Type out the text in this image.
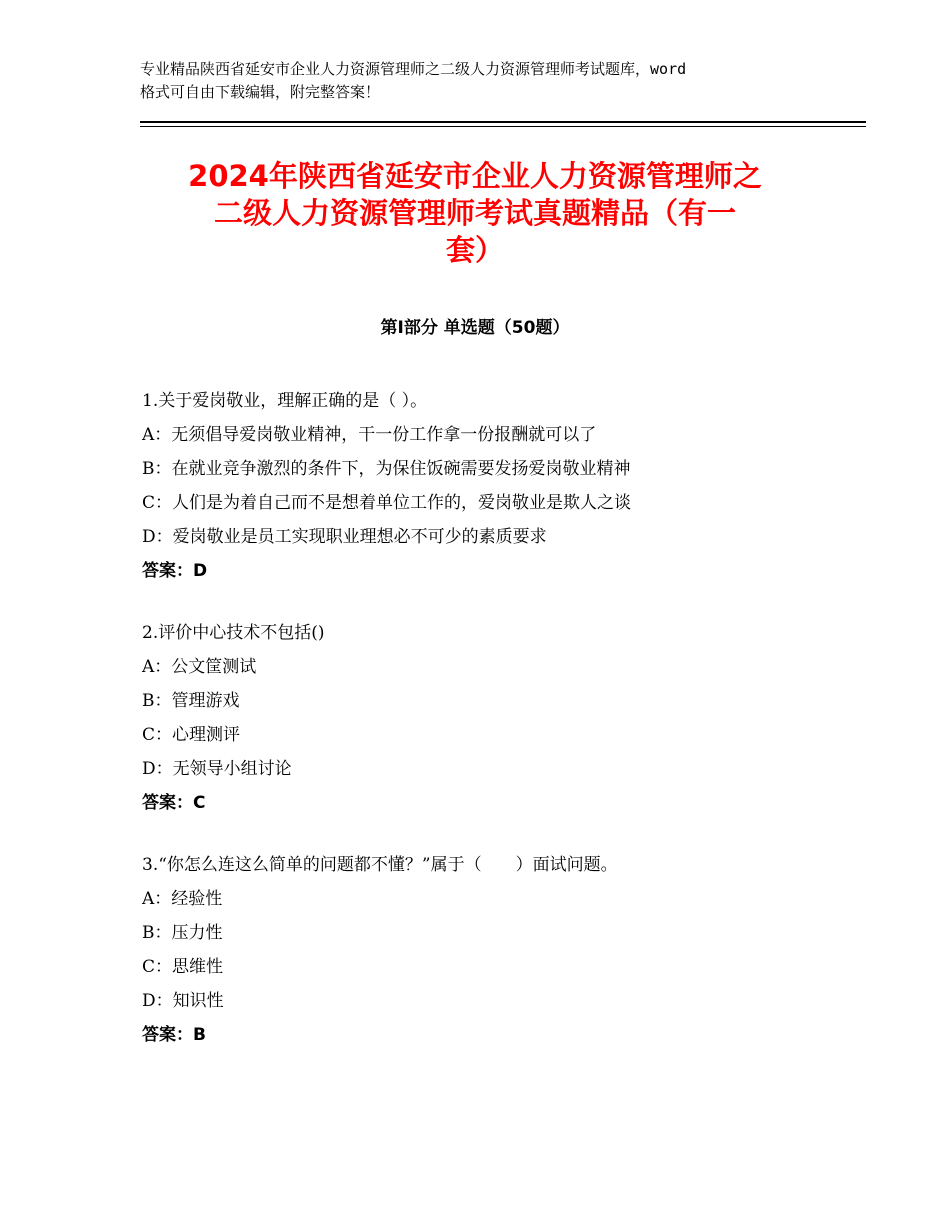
专业精品陕西省延安市企业人力资源管理师之二级人力资源管理师考试题库，word
格式可自由下载编辑，附完整答案！
2024年陕西省延安市企业人力资源管理师之
二级人力资源管理师考试真题精品（有一
套）
第Ⅰ部分 单选题（50题）
1.关于爱岗敬业，理解正确的是（ ）。
A：无须倡导爱岗敬业精神，干一份工作拿一份报酬就可以了
B：在就业竞争激烈的条件下，为保住饭碗需要发扬爱岗敬业精神
C：人们是为着自己而不是想着单位工作的，爱岗敬业是欺人之谈
D：爱岗敬业是员工实现职业理想必不可少的素质要求
答案：D
2.评价中心技术不包括()
A：公文筐测试
B：管理游戏
C：心理测评
D：无领导小组讨论
答案：C
3.“你怎么连这么简单的问题都不懂？”属于（　　）面试问题。
A：经验性
B：压力性
C：思维性
D：知识性
答案：B
